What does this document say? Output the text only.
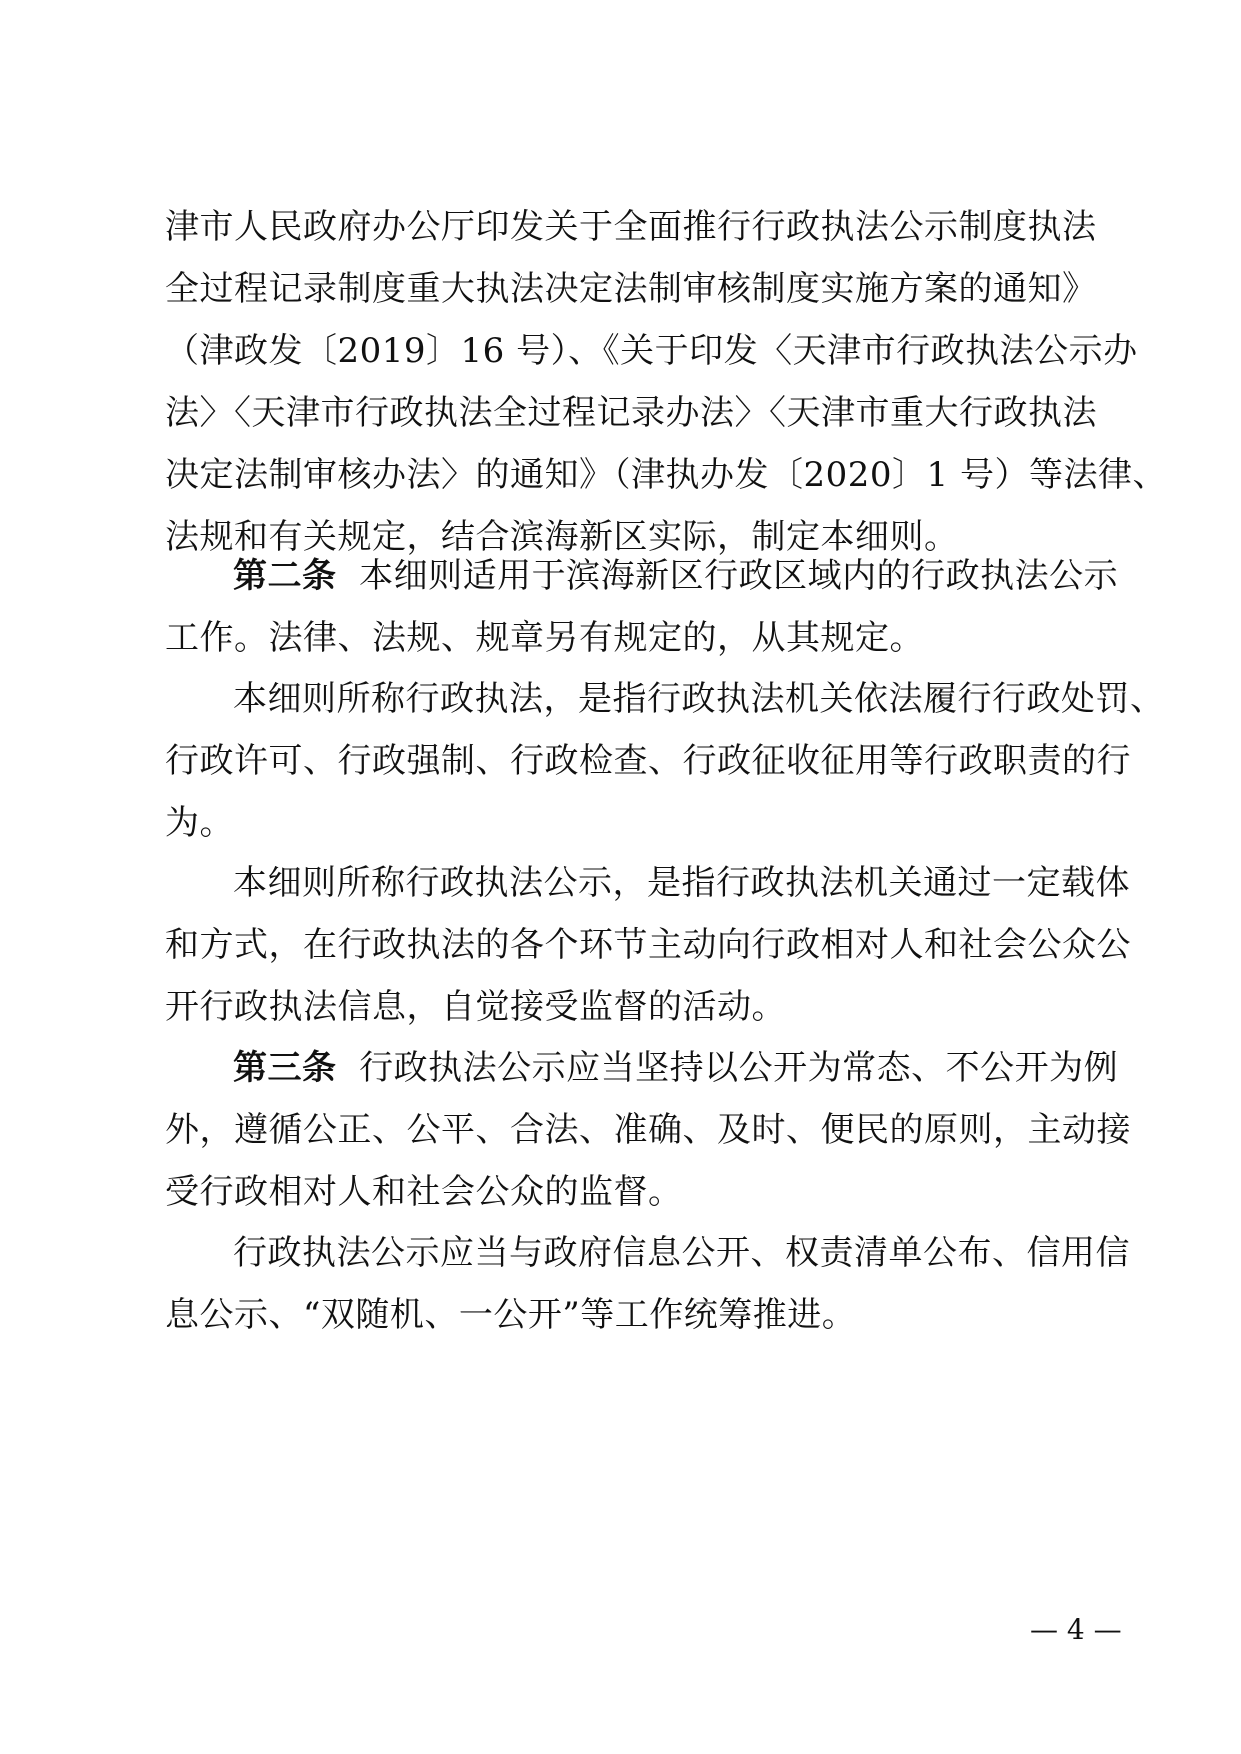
津市人民政府办公厅印发关于全面推行行政执法公示制度执法
全过程记录制度重大执法决定法制审核制度实施方案的通知》
（津政发〔2019〕16 号）、《关于印发〈天津市行政执法公示办
法〉〈天津市行政执法全过程记录办法〉〈天津市重大行政执法
决定法制审核办法〉的通知》（津执办发〔2020〕1 号）等法律、
法规和有关规定，结合滨海新区实际，制定本细则。
第二条 本细则适用于滨海新区行政区域内的行政执法公示
工作。法律、法规、规章另有规定的，从其规定。
本细则所称行政执法，是指行政执法机关依法履行行政处罚、
行政许可、行政强制、行政检查、行政征收征用等行政职责的行
为。
本细则所称行政执法公示，是指行政执法机关通过一定载体
和方式，在行政执法的各个环节主动向行政相对人和社会公众公
开行政执法信息，自觉接受监督的活动。
第三条 行政执法公示应当坚持以公开为常态、不公开为例
外，遵循公正、公平、合法、准确、及时、便民的原则，主动接
受行政相对人和社会公众的监督。
行政执法公示应当与政府信息公开、权责清单公布、信用信
息公示、“双随机、一公开”等工作统筹推进。
— 4 —
